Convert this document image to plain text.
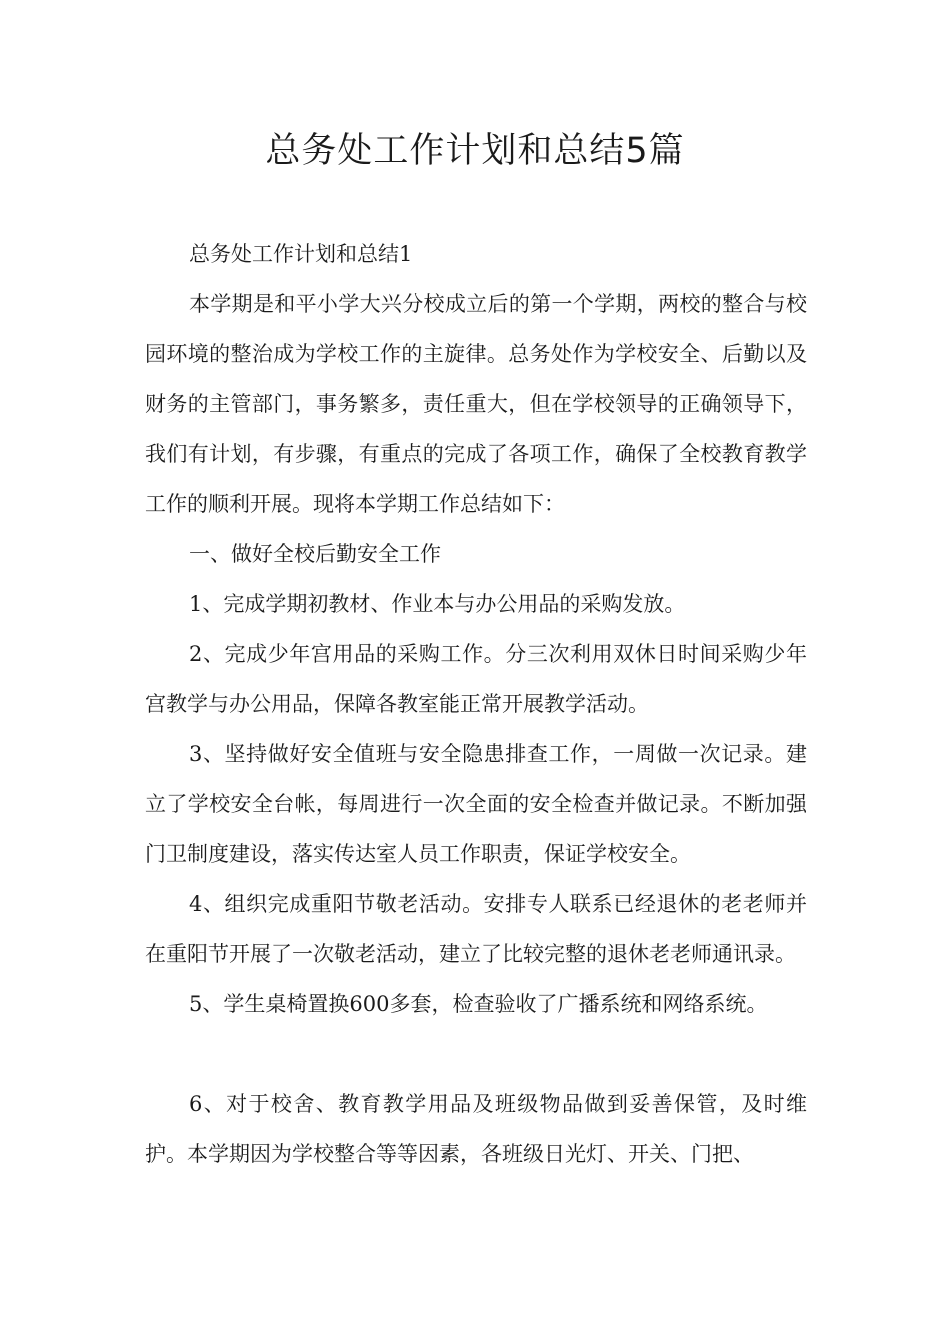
总务处工作计划和总结5篇

总务处工作计划和总结1

本学期是和平小学大兴分校成立后的第一个学期，两校的整合与校园环境的整治成为学校工作的主旋律。总务处作为学校安全、后勤以及财务的主管部门，事务繁多，责任重大，但在学校领导的正确领导下，我们有计划，有步骤，有重点的完成了各项工作，确保了全校教育教学工作的顺利开展。现将本学期工作总结如下：

一、做好全校后勤安全工作

1、完成学期初教材、作业本与办公用品的采购发放。

2、完成少年宫用品的采购工作。分三次利用双休日时间采购少年宫教学与办公用品，保障各教室能正常开展教学活动。

3、坚持做好安全值班与安全隐患排查工作，一周做一次记录。建立了学校安全台帐，每周进行一次全面的安全检查并做记录。不断加强门卫制度建设，落实传达室人员工作职责，保证学校安全。

4、组织完成重阳节敬老活动。安排专人联系已经退休的老老师并在重阳节开展了一次敬老活动，建立了比较完整的退休老老师通讯录。

5、学生桌椅置换600多套，检查验收了广播系统和网络系统。

6、对于校舍、教育教学用品及班级物品做到妥善保管，及时维护。本学期因为学校整合等等因素，各班级日光灯、开关、门把、
